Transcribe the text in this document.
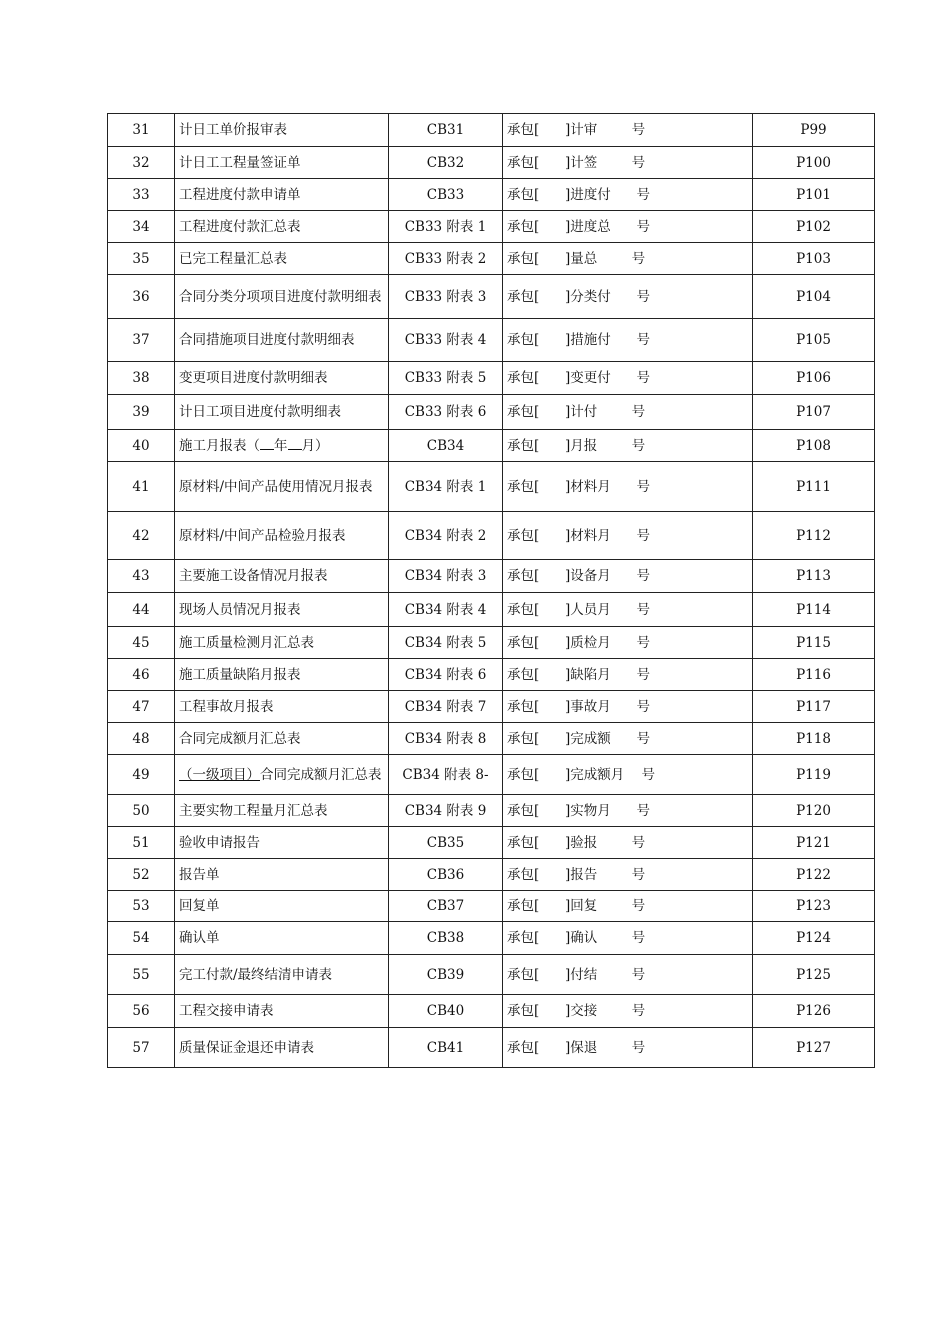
31	计日工单价报审表	CB31	承包[      ]计审        号	P99
32	计日工工程量签证单	CB32	承包[      ]计签        号	P100
33	工程进度付款申请单	CB33	承包[      ]进度付      号	P101
34	工程进度付款汇总表	CB33 附表 1	承包[      ]进度总      号	P102
35	已完工程量汇总表	CB33 附表 2	承包[      ]量总        号	P103
36	合同分类分项项目进度付款明细表	CB33 附表 3	承包[      ]分类付      号	P104
37	合同措施项目进度付款明细表	CB33 附表 4	承包[      ]措施付      号	P105
38	变更项目进度付款明细表	CB33 附表 5	承包[      ]变更付      号	P106
39	计日工项目进度付款明细表	CB33 附表 6	承包[      ]计付        号	P107
40	施工月报表（ 年 月）	CB34	承包[      ]月报        号	P108
41	原材料/中间产品使用情况月报表	CB34 附表 1	承包[      ]材料月      号	P111
42	原材料/中间产品检验月报表	CB34 附表 2	承包[      ]材料月      号	P112
43	主要施工设备情况月报表	CB34 附表 3	承包[      ]设备月      号	P113
44	现场人员情况月报表	CB34 附表 4	承包[      ]人员月      号	P114
45	施工质量检测月汇总表	CB34 附表 5	承包[      ]质检月      号	P115
46	施工质量缺陷月报表	CB34 附表 6	承包[      ]缺陷月      号	P116
47	工程事故月报表	CB34 附表 7	承包[      ]事故月      号	P117
48	合同完成额月汇总表	CB34 附表 8	承包[      ]完成额      号	P118
49	（一级项目）合同完成额月汇总表	CB34 附表 8-	承包[      ]完成额月    号	P119
50	主要实物工程量月汇总表	CB34 附表 9	承包[      ]实物月      号	P120
51	验收申请报告	CB35	承包[      ]验报        号	P121
52	报告单	CB36	承包[      ]报告        号	P122
53	回复单	CB37	承包[      ]回复        号	P123
54	确认单	CB38	承包[      ]确认        号	P124
55	完工付款/最终结清申请表	CB39	承包[      ]付结        号	P125
56	工程交接申请表	CB40	承包[      ]交接        号	P126
57	质量保证金退还申请表	CB41	承包[      ]保退        号	P127
